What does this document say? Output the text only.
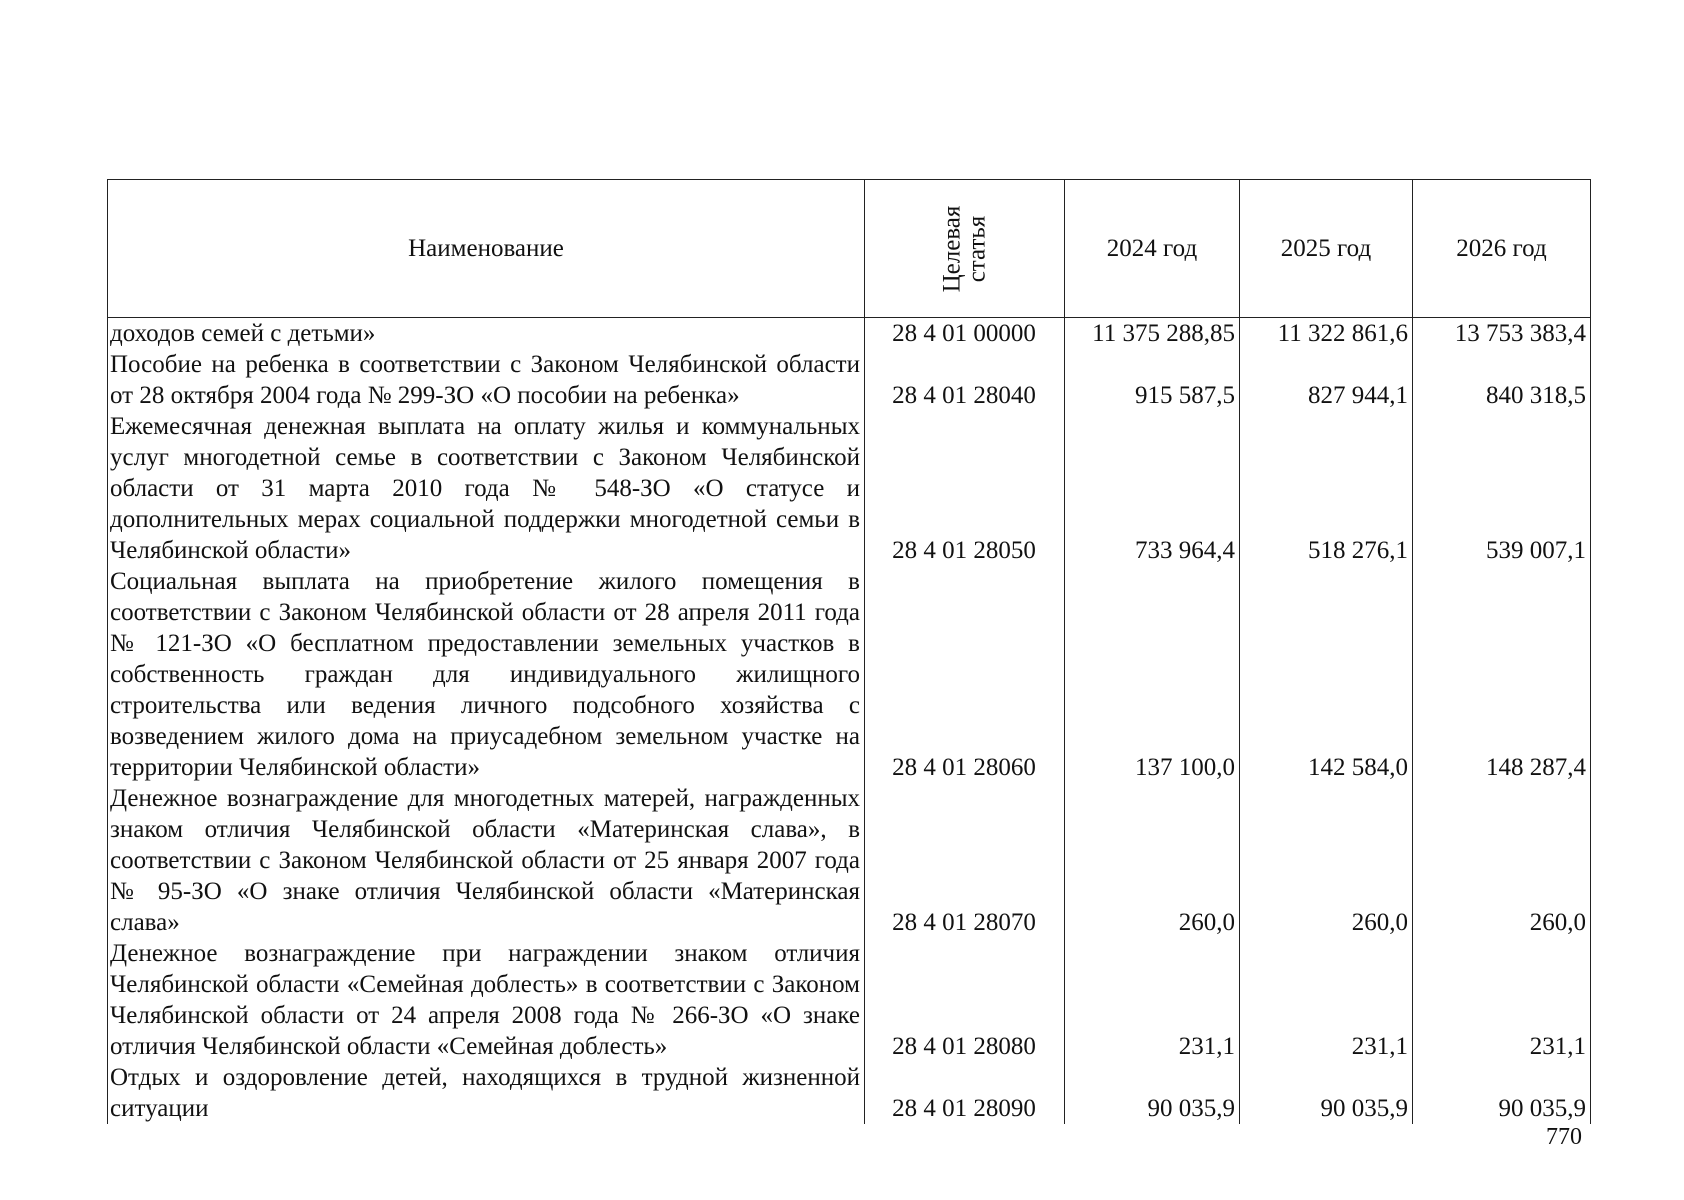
Наименование	Целевая
статья	2024 год	2025 год	2026 год
доходов семей с детьми»	28 4 01 00000	11 375 288,85	11 322 861,6	13 753 383,4
Пособие на ребенка в соответствии с Законом Челябинской области от 28 октября 2004 года № 299-ЗО «О пособии на ребенка»	28 4 01 28040	915 587,5	827 944,1	840 318,5
Ежемесячная денежная выплата на оплату жилья и коммунальных услуг многодетной семье в соответствии с Законом Челябинской области от 31 марта 2010 года № 548-ЗО «О статусе и дополнительных мерах социальной поддержки многодетной семьи в Челябинской области»	28 4 01 28050	733 964,4	518 276,1	539 007,1
Социальная выплата на приобретение жилого помещения в соответствии с Законом Челябинской области от 28 апреля 2011 года № 121-ЗО «О бесплатном предоставлении земельных участков в собственность граждан для индивидуального жилищного строительства или ведения личного подсобного хозяйства с возведением жилого дома на приусадебном земельном участке на территории Челябинской области»	28 4 01 28060	137 100,0	142 584,0	148 287,4
Денежное вознаграждение для многодетных матерей, награжденных знаком отличия Челябинской области «Материнская слава», в соответствии с Законом Челябинской области от 25 января 2007 года № 95-ЗО «О знаке отличия Челябинской области «Материнская слава»	28 4 01 28070	260,0	260,0	260,0
Денежное вознаграждение при награждении знаком отличия Челябинской области «Семейная доблесть» в соответствии с Законом Челябинской области от 24 апреля 2008 года № 266-ЗО «О знаке отличия Челябинской области «Семейная доблесть»	28 4 01 28080	231,1	231,1	231,1
Отдых и оздоровление детей, находящихся в трудной жизненной ситуации	28 4 01 28090	90 035,9	90 035,9	90 035,9
770
